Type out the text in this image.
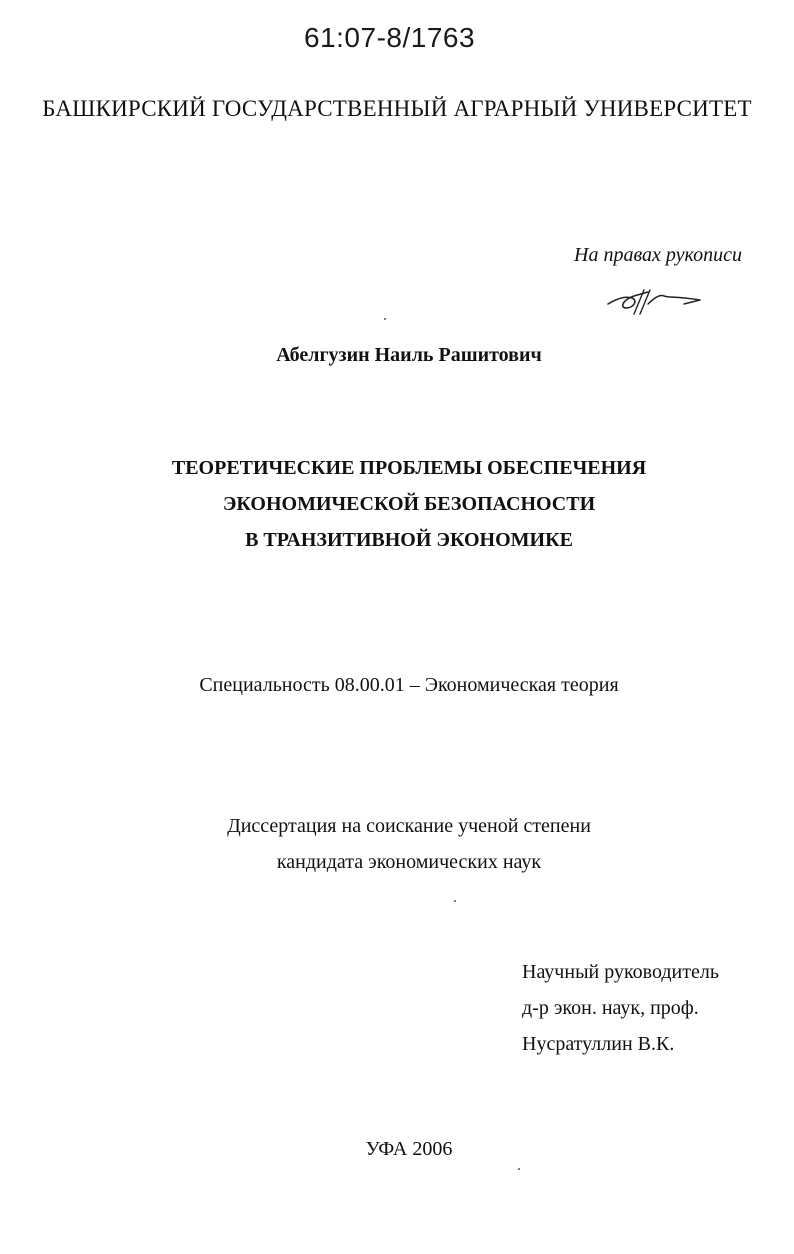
61:07-8/1763
БАШКИРСКИЙ ГОСУДАРСТВЕННЫЙ АГРАРНЫЙ УНИВЕРСИТЕТ
На правах рукописи
Абелгузин Наиль Рашитович
ТЕОРЕТИЧЕСКИЕ ПРОБЛЕМЫ ОБЕСПЕЧЕНИЯ
ЭКОНОМИЧЕСКОЙ БЕЗОПАСНОСТИ
В ТРАНЗИТИВНОЙ ЭКОНОМИКЕ
Специальность 08.00.01 – Экономическая теория
Диссертация на соискание ученой степени
кандидата экономических наук
Научный руководитель
д-р экон. наук, проф.
Нусратуллин В.К.
УФА 2006
